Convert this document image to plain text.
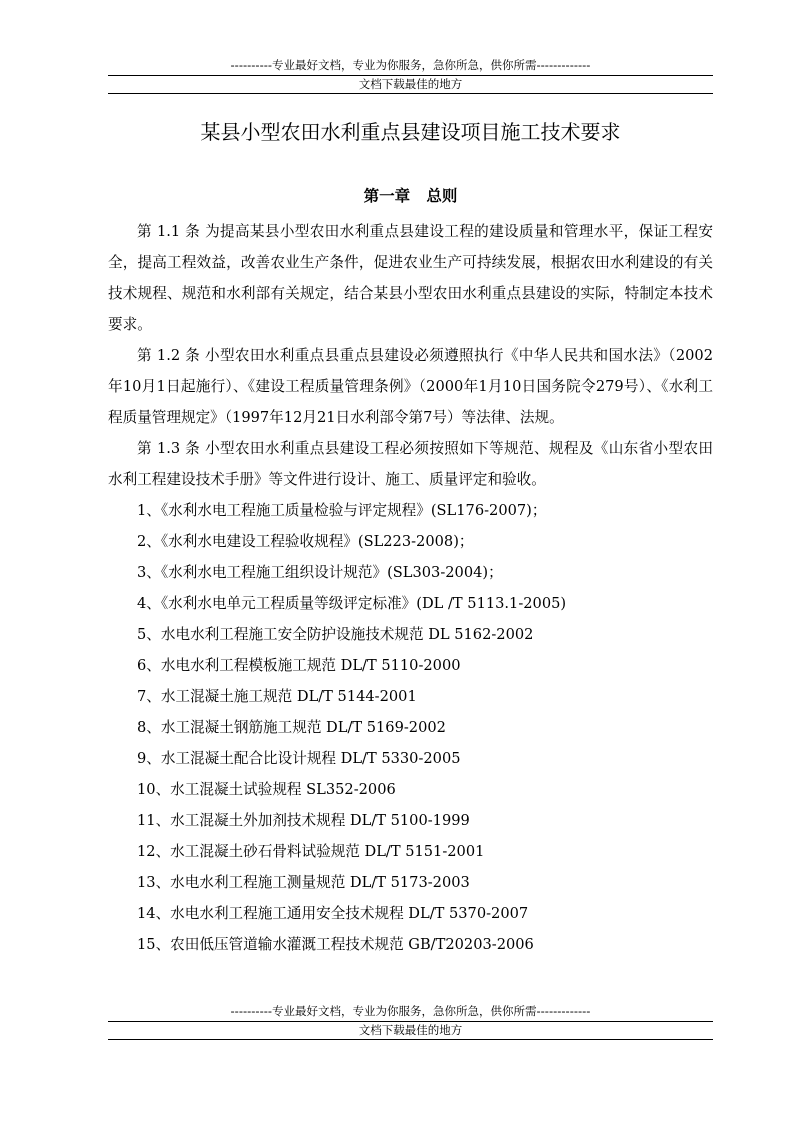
----------专业最好文档，专业为你服务，急你所急，供你所需-------------
文档下载最佳的地方
某县小型农田水利重点县建设项目施工技术要求
第一章   总则

第 1.1 条 为提高某县小型农田水利重点县建设工程的建设质量和管理水平，保证工程安全，提高工程效益，改善农业生产条件，促进农业生产可持续发展，根据农田水利建设的有关技术规程、规范和水利部有关规定，结合某县小型农田水利重点县建设的实际，特制定本技术要求。

第 1.2 条 小型农田水利重点县重点县建设必须遵照执行《中华人民共和国水法》（2002年10月1日起施行）、《建设工程质量管理条例》（2000年1月10日国务院令279号）、《水利工程质量管理规定》（1997年12月21日水利部令第7号）等法律、法规。

第 1.3 条 小型农田水利重点县建设工程必须按照如下等规范、规程及《山东省小型农田水利工程建设技术手册》等文件进行设计、施工、质量评定和验收。

1、《水利水电工程施工质量检验与评定规程》(SL176-2007)；

2、《水利水电建设工程验收规程》(SL223-2008)；

3、《水利水电工程施工组织设计规范》(SL303-2004)；

4、《水利水电单元工程质量等级评定标准》(DL /T 5113.1-2005)

5、水电水利工程施工安全防护设施技术规范 DL 5162-2002

6、水电水利工程模板施工规范 DL/T 5110-2000

7、水工混凝土施工规范 DL/T 5144-2001

8、水工混凝土钢筋施工规范 DL/T 5169-2002

9、水工混凝土配合比设计规程 DL/T 5330-2005

10、水工混凝土试验规程 SL352-2006

11、水工混凝土外加剂技术规程 DL/T 5100-1999

12、水工混凝土砂石骨料试验规范 DL/T 5151-2001

13、水电水利工程施工测量规范 DL/T 5173-2003

14、水电水利工程施工通用安全技术规程 DL/T 5370-2007

15、农田低压管道输水灌溉工程技术规范 GB/T20203-2006

----------专业最好文档，专业为你服务，急你所急，供你所需-------------
文档下载最佳的地方
